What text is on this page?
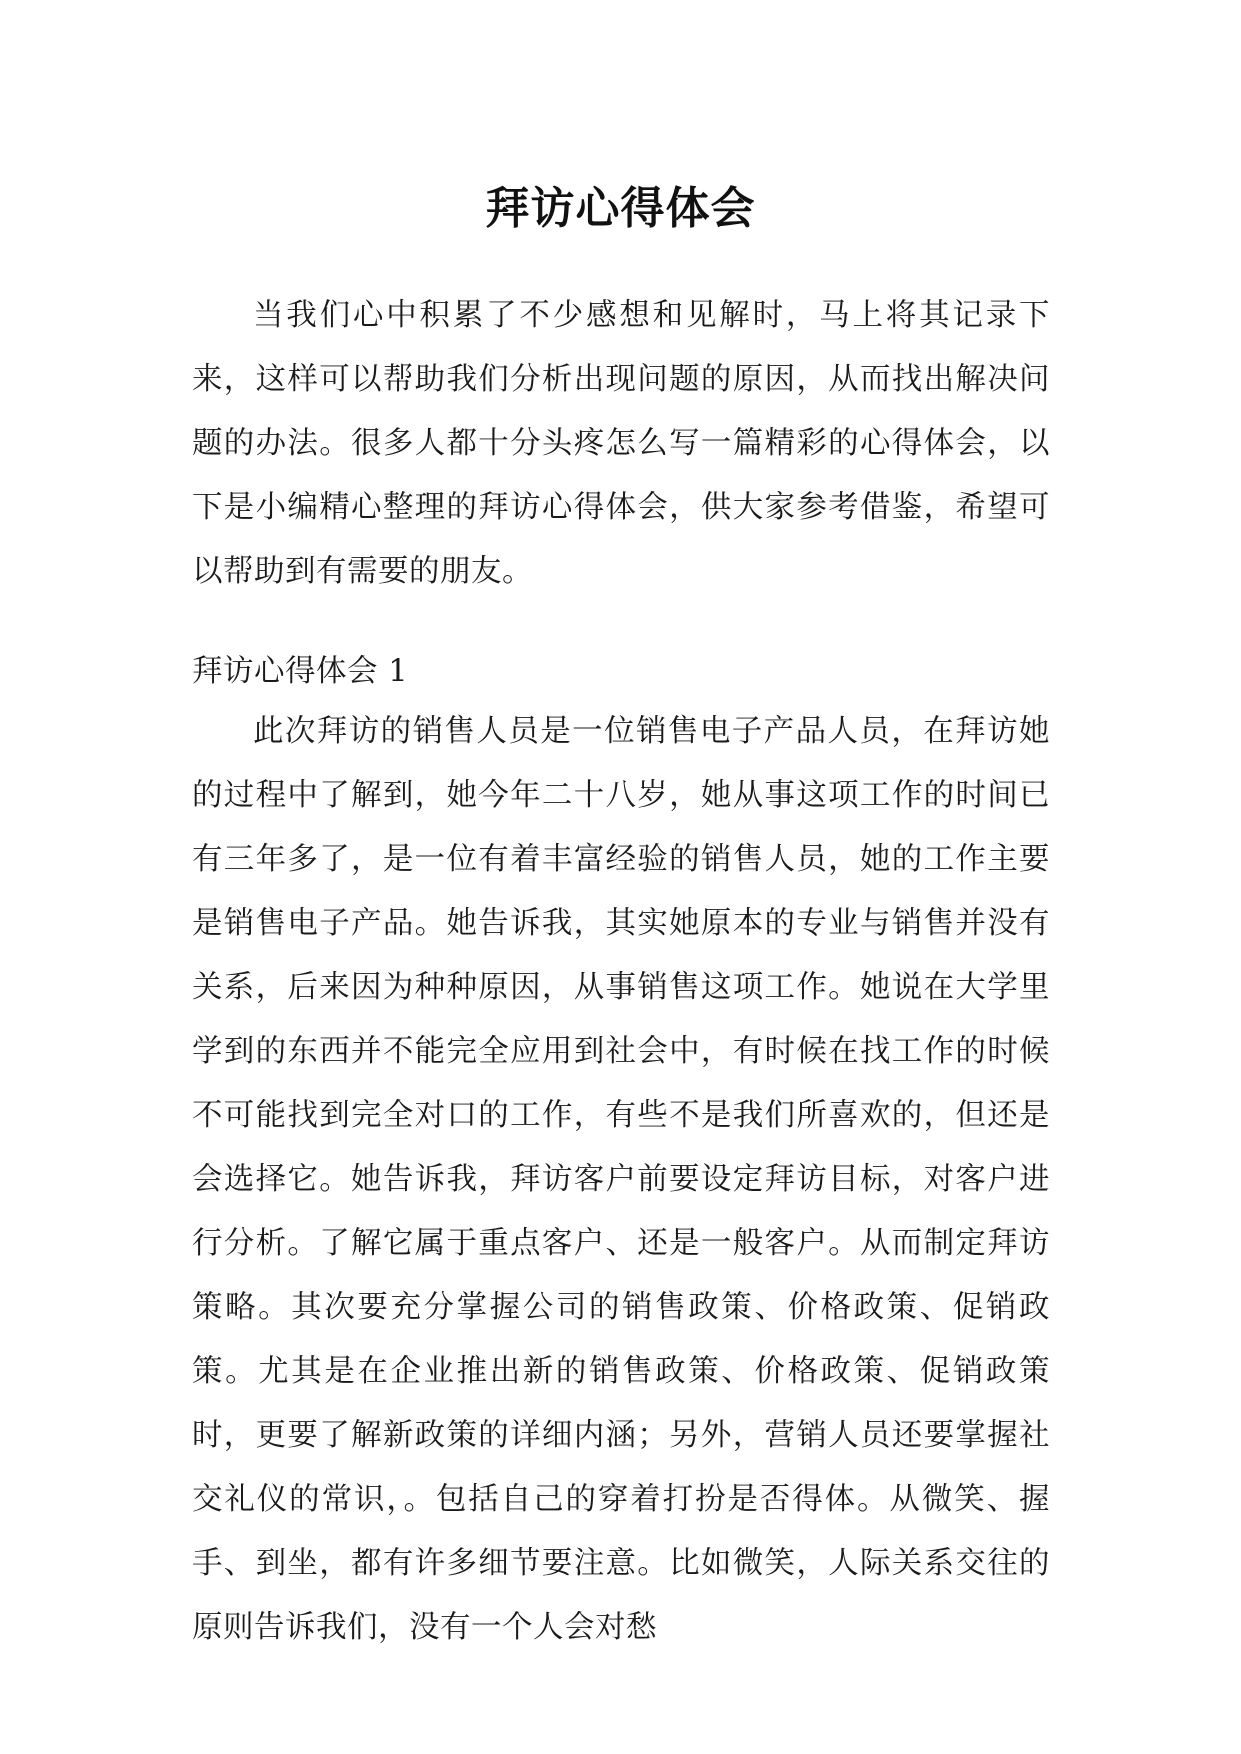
拜访心得体会

当我们心中积累了不少感想和见解时，马上将其记录下来，这样可以帮助我们分析出现问题的原因，从而找出解决问题的办法。很多人都十分头疼怎么写一篇精彩的心得体会，以下是小编精心整理的拜访心得体会，供大家参考借鉴，希望可以帮助到有需要的朋友。

拜访心得体会 1

此次拜访的销售人员是一位销售电子产品人员，在拜访她的过程中了解到，她今年二十八岁，她从事这项工作的时间已有三年多了，是一位有着丰富经验的销售人员，她的工作主要是销售电子产品。她告诉我，其实她原本的专业与销售并没有关系，后来因为种种原因，从事销售这项工作。她说在大学里学到的东西并不能完全应用到社会中，有时候在找工作的时候不可能找到完全对口的工作，有些不是我们所喜欢的，但还是会选择它。她告诉我，拜访客户前要设定拜访目标，对客户进行分析。了解它属于重点客户、还是一般客户。从而制定拜访策略。其次要充分掌握公司的销售政策、价格政策、促销政策。尤其是在企业推出新的销售政策、价格政策、促销政策时，更要了解新政策的详细内涵；另外，营销人员还要掌握社交礼仪的常识，。包括自己的穿着打扮是否得体。从微笑、握手、到坐，都有许多细节要注意。比如微笑，人际关系交往的原则告诉我们，没有一个人会对愁
